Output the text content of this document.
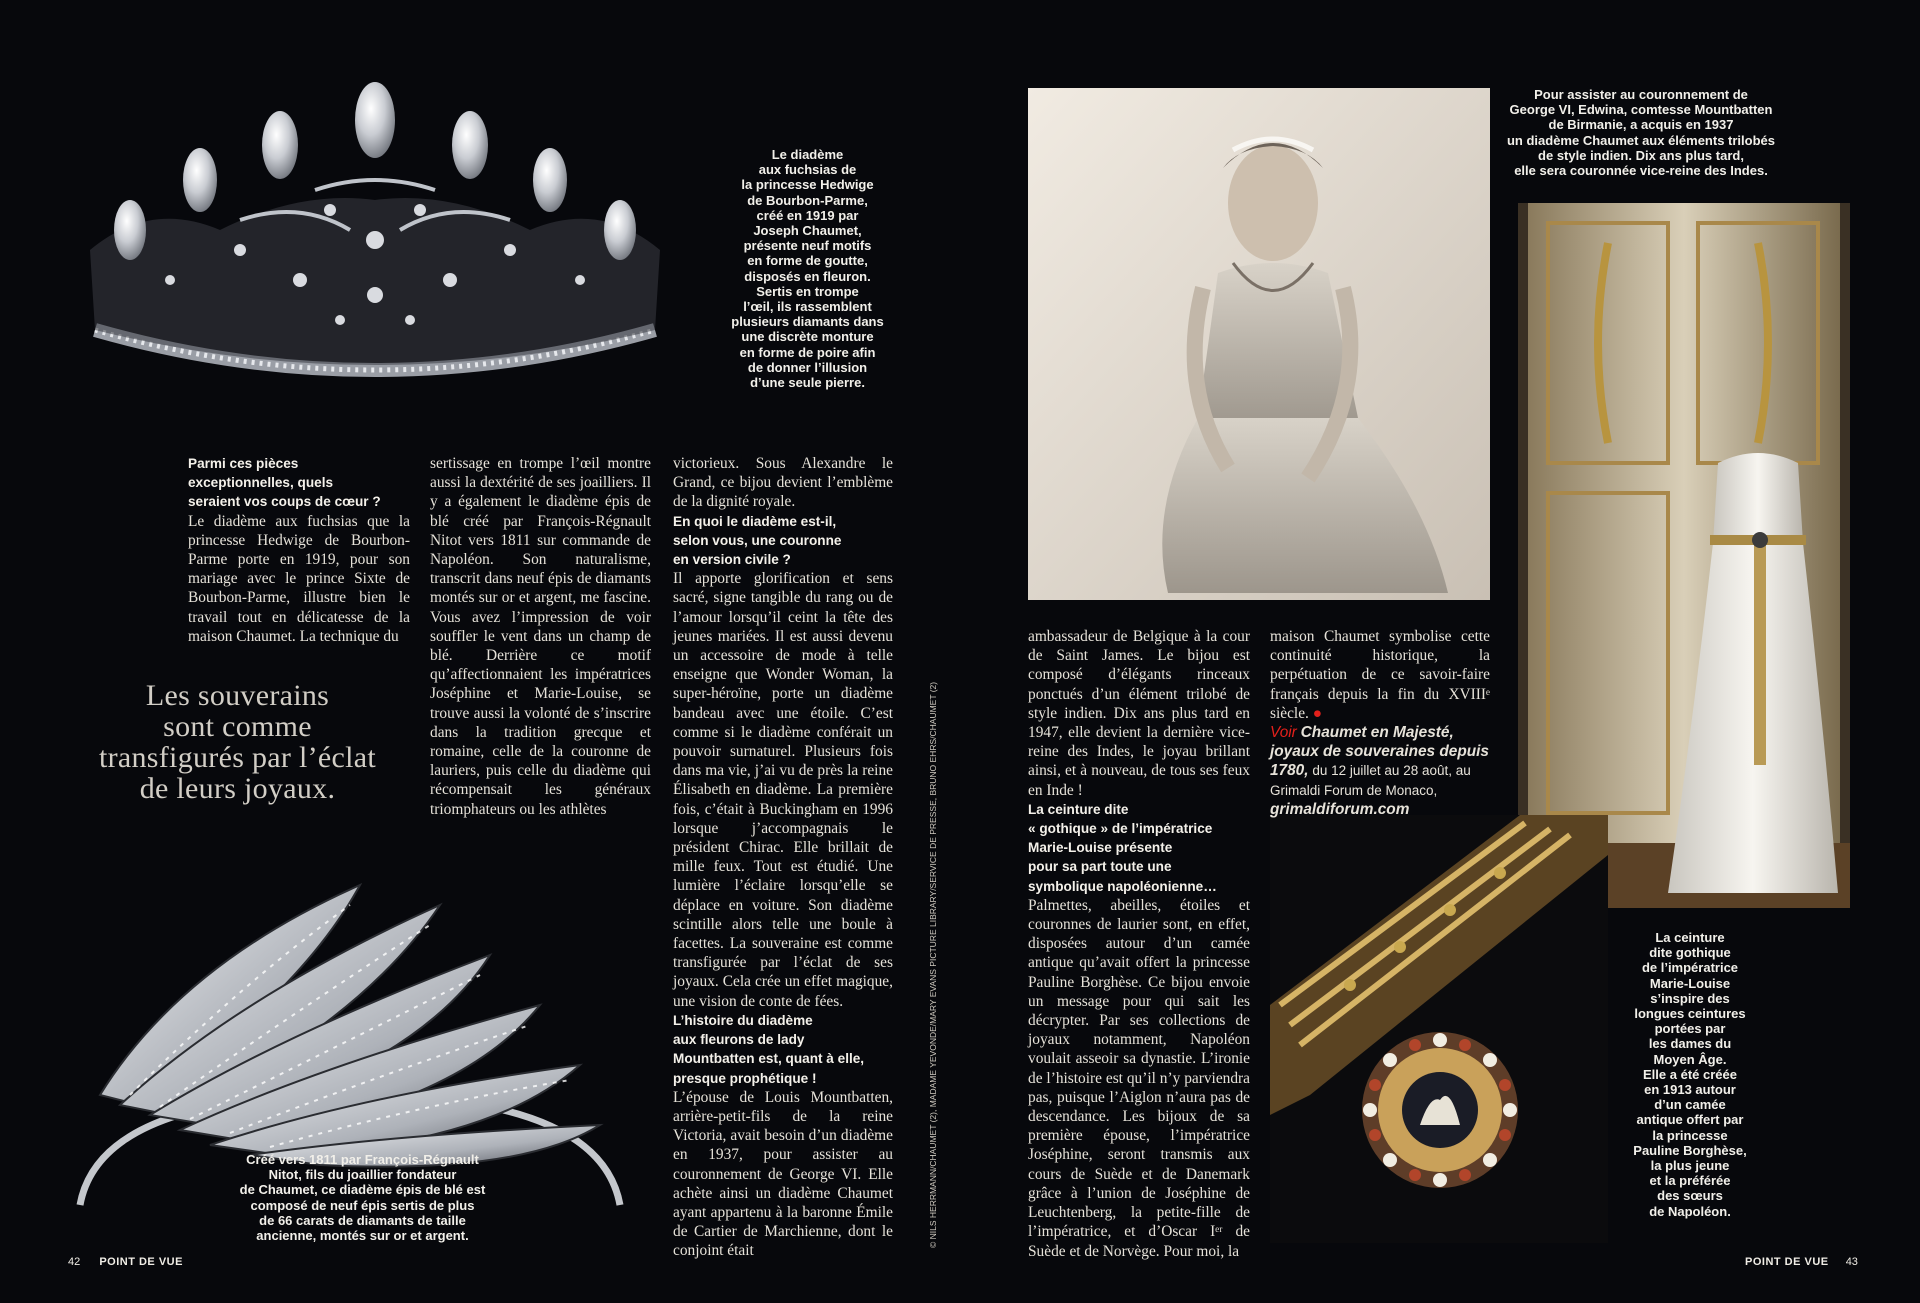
Le diadème
aux fuchsias de
la princesse Hedwige
de Bourbon-Parme,
créé en 1919 par
Joseph Chaumet,
présente neuf motifs
en forme de goutte,
disposés en fleuron.
Sertis en trompe
l’œil, ils rassemblent
plusieurs diamants dans
une discrète monture
en forme de poire afin
de donner l’illusion
d’une seule pierre.

Parmi ces pièces
exceptionnelles, quels
seraient vos coups de cœur ?

Le diadème aux fuchsias que la princesse Hedwige de Bourbon-Parme porte en 1919, pour son mariage avec le prince Sixte de Bourbon-Parme, illustre bien le travail tout en délicatesse de la maison Chaumet. La technique du

sertissage en trompe l’œil montre aussi la dextérité de ses joailliers. Il y a également le diadème épis de blé créé par François-Régnault Nitot vers 1811 sur commande de Napoléon. Son naturalisme, transcrit dans neuf épis de diamants montés sur or et argent, me fascine. Vous avez l’impression de voir souffler le vent dans un champ de blé. Derrière ce motif qu’affectionnaient les impératrices Joséphine et Marie-Louise, se trouve aussi la volonté de s’inscrire dans la tradition grecque et romaine, celle de la couronne de lauriers, puis celle du diadème qui récompensait les généraux triomphateurs ou les athlètes

victorieux. Sous Alexandre le Grand, ce bijou devient l’emblème de la dignité royale.

En quoi le diadème est-il,
selon vous, une couronne
en version civile ?

Il apporte glorification et sens sacré, signe tangible du rang ou de l’amour lorsqu’il ceint la tête des jeunes mariées. Il est aussi devenu un accessoire de mode à telle enseigne que Wonder Woman, la super-héroïne, porte un diadème bandeau avec une étoile. C’est comme si le diadème conférait un pouvoir surnaturel. Plusieurs fois dans ma vie, j’ai vu de près la reine Élisabeth en diadème. La première fois, c’était à Buckingham en 1996 lorsque j’accompagnais le président Chirac. Elle brillait de mille feux. Tout est étudié. Une lumière l’éclaire lorsqu’elle se déplace en voiture. Son diadème scintille alors telle une boule à facettes. La souveraine est comme transfigurée par l’éclat de ses joyaux. Cela crée un effet magique, une vision de conte de fées.

L’histoire du diadème
aux fleurons de lady
Mountbatten est, quant à elle,
presque prophétique !

L’épouse de Louis Mountbatten, arrière-petit-fils de la reine Victoria, avait besoin d’un diadème en 1937, pour assister au couronnement de George VI. Elle achète ainsi un diadème Chaumet ayant appartenu à la baronne Émile de Cartier de Marchienne, dont le conjoint était

Les souverains
sont comme
transfigurés par l’éclat
de leurs joyaux.
Créé vers 1811 par François-Régnault
Nitot, fils du joaillier fondateur
de Chaumet, ce diadème épis de blé est
composé de neuf épis sertis de plus
de 66 carats de diamants de taille
ancienne, montés sur or et argent.
42 POINT DE VUE
© NILS HERRMANN/CHAUMET (2), MADAME YEVONDE/MARY EVANS PICTURE LIBRARY/SERVICE DE PRESSE, BRUNO EHRS/CHAUMET (2)
Pour assister au couronnement de
George VI, Edwina, comtesse Mountbatten
de Birmanie, a acquis en 1937
un diadème Chaumet aux éléments trilobés
de style indien. Dix ans plus tard,
elle sera couronnée vice-reine des Indes.

ambassadeur de Belgique à la cour de Saint James. Le bijou est composé d’élégants rinceaux ponctués d’un élément trilobé de style indien. Dix ans plus tard en 1947, elle devient la dernière vice-reine des Indes, le joyau brillant ainsi, et à nouveau, de tous ses feux en Inde !

La ceinture dite
« gothique » de l’impératrice
Marie-Louise présente
pour sa part toute une
symbolique napoléonienne…

Palmettes, abeilles, étoiles et couronnes de laurier sont, en effet, disposées autour d’un camée antique qu’avait offert la princesse Pauline Borghèse. Ce bijou envoie un message pour qui sait les décrypter. Par ses collections de joyaux notamment, Napoléon voulait asseoir sa dynastie. L’ironie de l’histoire est qu’il n’y parviendra pas, puisque l’Aiglon n’aura pas de descendance. Les bijoux de sa première épouse, l’impératrice Joséphine, seront transmis aux cours de Suède et de Danemark grâce à l’union de Joséphine de Leuchtenberg, la petite-fille de l’impératrice, et d’Oscar Iᵉʳ de Suède et de Norvège. Pour moi, la

maison Chaumet symbolise cette continuité historique, la perpétuation de ce savoir-faire français depuis la fin du XVIIIᵉ siècle. ●

Voir Chaumet en Majesté, joyaux de souveraines depuis 1780, du 12 juillet au 28 août, au Grimaldi Forum de Monaco, grimaldiforum.com

La ceinture
dite gothique
de l’impératrice
Marie-Louise
s’inspire des
longues ceintures
portées par
les dames du
Moyen Âge.
Elle a été créée
en 1913 autour
d’un camée
antique offert par
la princesse
Pauline Borghèse,
la plus jeune
et la préférée
des sœurs
de Napoléon.
POINT DE VUE 43
